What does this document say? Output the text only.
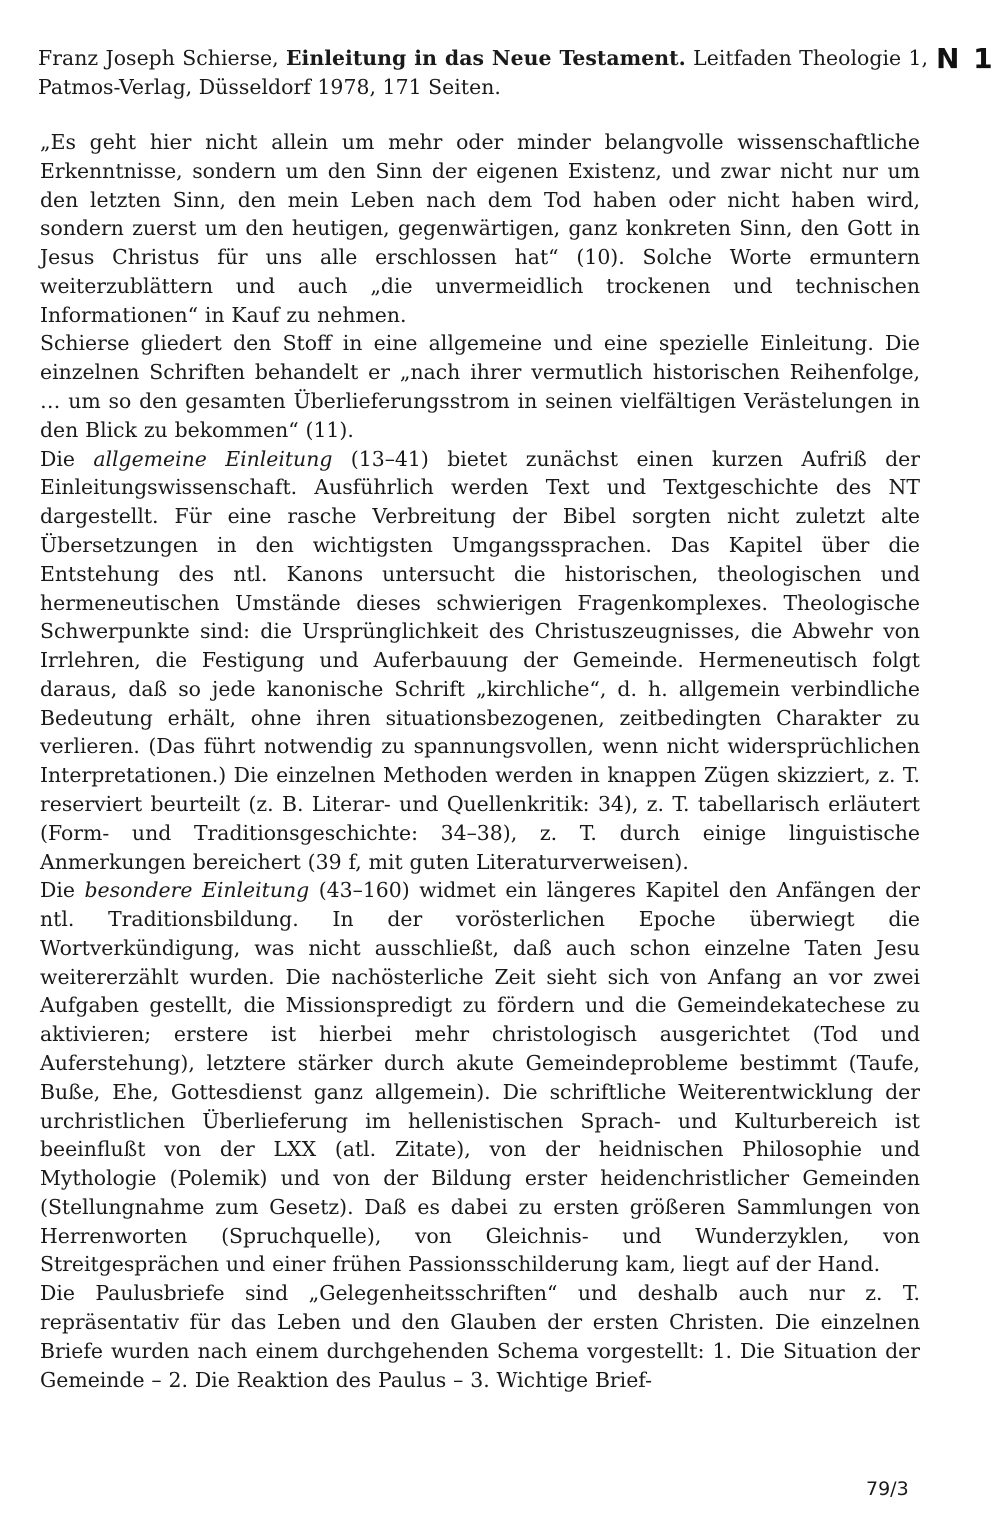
Franz Joseph Schierse, Einleitung in das Neue Testament. Leitfaden Theologie 1, Patmos-Verlag, Düsseldorf 1978, 171 Seiten.
N 1

„Es geht hier nicht allein um mehr oder minder belangvolle wissenschaftliche Erkenntnisse, sondern um den Sinn der eigenen Existenz, und zwar nicht nur um den letzten Sinn, den mein Leben nach dem Tod haben oder nicht haben wird, sondern zuerst um den heutigen, gegenwärtigen, ganz konkreten Sinn, den Gott in Jesus Christus für uns alle erschlossen hat“ (10). Solche Worte ermuntern weiterzublättern und auch „die unvermeidlich trockenen und technischen Informationen“ in Kauf zu nehmen.

Schierse gliedert den Stoff in eine allgemeine und eine spezielle Einleitung. Die einzelnen Schriften behandelt er „nach ihrer vermutlich historischen Reihenfolge, … um so den gesamten Überlieferungsstrom in seinen vielfältigen Verästelungen in den Blick zu bekommen“ (11).

Die allgemeine Einleitung (13–41) bietet zunächst einen kurzen Aufriß der Einleitungswissenschaft. Ausführlich werden Text und Textgeschichte des NT dargestellt. Für eine rasche Verbreitung der Bibel sorgten nicht zuletzt alte Übersetzungen in den wichtigsten Umgangssprachen. Das Kapitel über die Entstehung des ntl. Kanons untersucht die historischen, theologischen und hermeneutischen Umstände dieses schwierigen Fragenkomplexes. Theologische Schwerpunkte sind: die Ursprünglichkeit des Christuszeugnisses, die Abwehr von Irrlehren, die Festigung und Auferbauung der Gemeinde. Hermeneutisch folgt daraus, daß so jede kanonische Schrift „kirchliche“, d. h. allgemein verbindliche Bedeutung erhält, ohne ihren situationsbezogenen, zeitbedingten Charakter zu verlieren. (Das führt notwendig zu spannungsvollen, wenn nicht widersprüchlichen Interpretationen.) Die einzelnen Methoden werden in knappen Zügen skizziert, z. T. reserviert beurteilt (z. B. Literar- und Quellenkritik: 34), z. T. tabellarisch erläutert (Form- und Traditionsgeschichte: 34–38), z. T. durch einige linguistische Anmerkungen bereichert (39 f, mit guten Literaturverweisen).

Die besondere Einleitung (43–160) widmet ein längeres Kapitel den Anfängen der ntl. Traditionsbildung. In der vorösterlichen Epoche überwiegt die Wortverkündigung, was nicht ausschließt, daß auch schon einzelne Taten Jesu weitererzählt wurden. Die nachösterliche Zeit sieht sich von Anfang an vor zwei Aufgaben gestellt, die Missionspredigt zu fördern und die Gemeindekatechese zu aktivieren; erstere ist hierbei mehr christologisch ausgerichtet (Tod und Auferstehung), letztere stärker durch akute Gemeindeprobleme bestimmt (Taufe, Buße, Ehe, Gottesdienst ganz allgemein). Die schriftliche Weiterentwicklung der urchristlichen Überlieferung im hellenistischen Sprach- und Kulturbereich ist beeinflußt von der LXX (atl. Zitate), von der heidnischen Philosophie und Mythologie (Polemik) und von der Bildung erster heidenchristlicher Gemeinden (Stellungnahme zum Gesetz). Daß es dabei zu ersten größeren Sammlungen von Herrenworten (Spruchquelle), von Gleichnis- und Wunderzyklen, von Streitgesprächen und einer frühen Passionsschilderung kam, liegt auf der Hand.

Die Paulusbriefe sind „Gelegenheitsschriften“ und deshalb auch nur z. T. repräsentativ für das Leben und den Glauben der ersten Christen. Die einzelnen Briefe wurden nach einem durchgehenden Schema vorgestellt: 1. Die Situation der Gemeinde – 2. Die Reaktion des Paulus – 3. Wichtige Brief-

79/3
